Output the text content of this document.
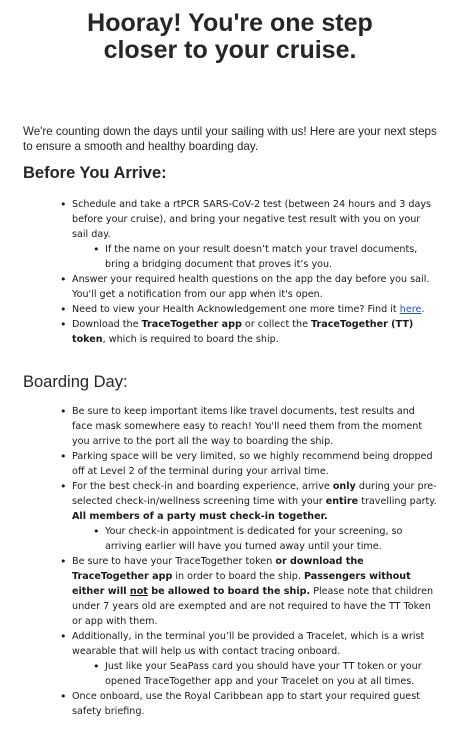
Hooray! You're one step closer to your cruise.

We're counting down the days until your sailing with us! Here are your next steps to ensure a smooth and healthy boarding day.

Before You Arrive:
• Schedule and take a rtPCR SARS-CoV-2 test (between 24 hours and 3 days before your cruise), and bring your negative test result with you on your sail day.
• If the name on your result doesn’t match your travel documents, bring a bridging document that proves it’s you.
• Answer your required health questions on the app the day before you sail. You'll get a notification from our app when it's open.
• Need to view your Health Acknowledgement one more time? Find it here.
• Download the TraceTogether app or collect the TraceTogether (TT) token, which is required to board the ship.
Boarding Day:
• Be sure to keep important items like travel documents, test results and face mask somewhere easy to reach! You'll need them from the moment you arrive to the port all the way to boarding the ship.
• Parking space will be very limited, so we highly recommend being dropped off at Level 2 of the terminal during your arrival time.
• For the best check-in and boarding experience, arrive only during your pre-selected check-in/wellness screening time with your entire travelling party.
All members of a party must check-in together.
• Your check-in appointment is dedicated for your screening, so arriving earlier will have you turned away until your time.
• Be sure to have your TraceTogether token or download the TraceTogether app in order to board the ship. Passengers without either will not be allowed to board the ship. Please note that children under 7 years old are exempted and are not required to have the TT Token or app with them.
• Additionally, in the terminal you’ll be provided a Tracelet, which is a wrist wearable that will help us with contact tracing onboard.
• Just like your SeaPass card you should have your TT token or your opened TraceTogether app and your Tracelet on you at all times.
• Once onboard, use the Royal Caribbean app to start your required guest safety briefing.
